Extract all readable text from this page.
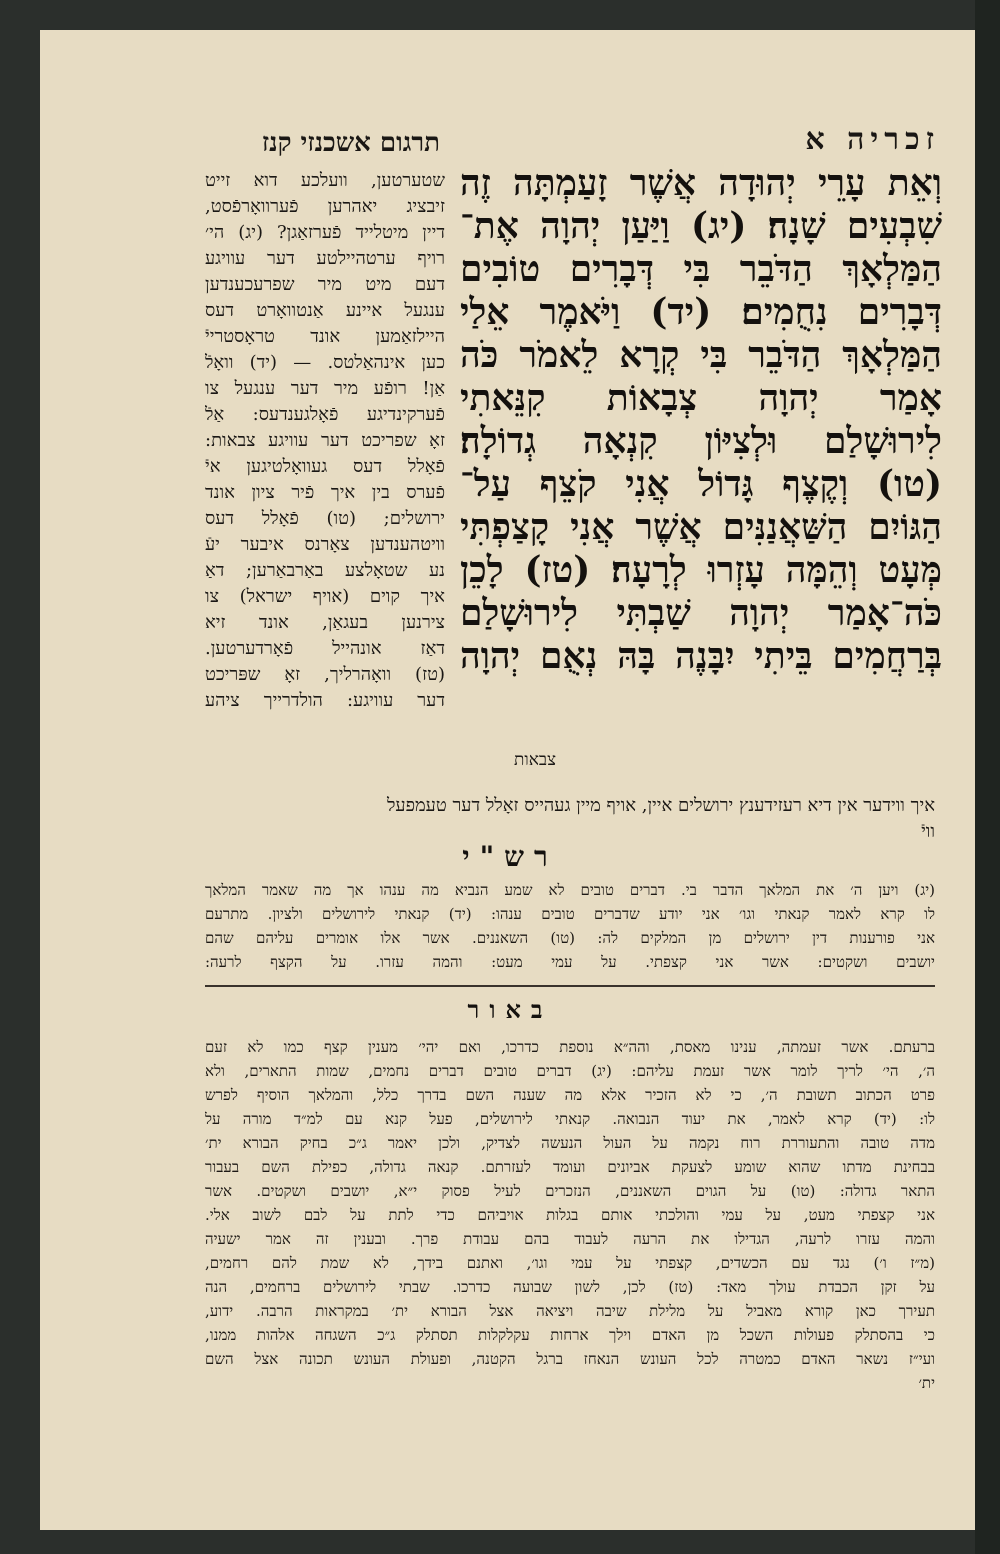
תרגום אשכנזי קנז	זכריה א
וְאֵת עָרֵי יְהוּדָה אֲשֶׁר זָעַמְתָּה זֶה
שִׁבְעִים שָׁנָה׃ (יג) וַיַּעַן יְהוָה אֶת־
הַמַּלְאָךְ הַדֹּבֵר בִּי דְּבָרִים טוֹבִים
דְּבָרִים נִחֻמִים׃ (יד) וַיֹּאמֶר אֵלַי
הַמַּלְאָךְ הַדֹּבֵר בִּי קְרָא לֵאמֹר כֹּה
אָמַר יְהוָה צְבָאוֹת קִנֵּאתִי
לִירוּשָׁלַם וּלְצִיּוֹן קִנְאָה גְדוֹלָה׃
(טו) וְקֶצֶף גָּדוֹל אֲנִי קֹצֵף עַל־
הַגּוֹיִם הַשַּׁאֲנַנִּים אֲשֶׁר אֲנִי קָצַפְתִּי
מְּעָט וְהֵמָּה עָזְרוּ לְרָעָה׃ (טז) לָכֵן
כֹּה־אָמַר יְהוָה שַׁבְתִּי לִירוּשָׁלַם
בְּרַחֲמִים בֵּיתִי יִבָּנֶה בָּהּ נְאֻם יְהוָה
צבאות
שטערטען, וועלכע דוא זייט
זיבציג יאהרען פֿערוואָרפֿסט,
דיין מיטלייד פֿערזאַגן? (יג) הי׳
רויף ערטהיילטע דער עוויגע
דעם מיט מיר שפרעכענדען
ענגעל איינע אַנטוואָרט דעס
היילזאַמען אונד טראָסטרייֿ
כען אינהאַלטס. — (יד) וואָלֿ
אַן! רופֿע מיר דער ענגעל צו
פֿערקינדיגע פֿאָלגענדעס: אַלֿ
זאָ שפריכט דער עוויגע צבאות:
פֿאָלל דעס געוואָלטיגען איֿ
פֿערס בין איך פֿיר ציון אונד
ירושלים; (טו) פֿאָלל דעס
וויטהענדען צאָרנס איבער יעֿ
נע שטאָלצע באַרבאַרען; דאַ
איך קוים (אויף ישראל) צו
צירנען בעגאַן, אונד זיא
דאַז אונהייל פֿאָרדערטען.
(טז) וואָהרליך, זאָ שפּריכט
דער עוויגע: הולדרייך ציהע
איך ווידער אין דיא רעזידענץ ירושלים איין, אויף מיין געהייס זאָלל דער טעמפעל
וויֿ
רש"י
(יג) ויען ה׳ את המלאך הדבר בי. דברים טובים לא שמע הנביא מה ענהו אך מה שאמר המלאך
לו קרא לאמר קנאתי וגו׳ אני יודע שדברים טובים ענהו: (יד) קנאתי לירושלים ולציון. מתרעם
אני פורענות דין ירושלים מן המלקים לה: (טו) השאננים. אשר אלו אומרים עליהם שהם
יושבים ושקטים: אשר אני קצפתי. על עמי מעט: והמה עזרו. על הקצף לרעה:
באור
ברעתם. אשר זעמתה, ענינו מאסת, והה״א נוספת כדרכו, ואם יהי׳ מענין קצף כמו לא זעם
ה׳, הי׳ לריך לומר אשר זעמת עליהם: (יג) דברים טובים דברים נחמים, שמות התארים, ולא
פרט הכתוב תשובת ה׳, כי לא הזכיר אלא מה שענה השם בדרך כלל, והמלאך הוסיף לפרש
לו: (יד) קרא לאמר, את יעוד הנבואה. קנאתי לירושלים, פעל קנא עם למ״ד מורה על
מדה טובה והתעוררת רוח נקמה על העול הנעשה לצדיק, ולכן יאמר ג״כ בחיק הבורא ית׳
בבחינת מדתו שהוא שומע לצעקת אביונים ועומד לעזרתם. קנאה גדולה, כפילת השם בעבור
התאר גדולה: (טו) על הגוים השאננים, הנזכרים לעיל פסוק י״א, יושבים ושקטים. אשר
אני קצפתי מעט, על עמי והולכתי אותם בגלות אויביהם כדי לתת על לבם לשוב אלי.
והמה עזרו לרעה, הגדילו את הרעה לעבוד בהם עבודת פרך. ובענין זה אמר ישעיה
(מ״ז ו׳) נגד עם הכשדים, קצפתי על עמי וגו׳, ואתנם בידך, לא שמת להם רחמים,
על זקן הכבדת עולך מאד: (טז) לכן, לשון שבועה כדרכו. שבתי לירושלים ברחמים, הנה
תעירך כאן קורא מאביל על מלילת שיבה ויציאה אצל הבורא ית׳ במקראות הרבה. ידוע,
כי בהסתלק פעולות השכל מן האדם וילך ארחות עקלקלות תסתלק ג״כ השגחה אלהות ממנו,
ועי״ז נשאר האדם כמטרה לכל העונש הנאחז ברגל הקטנה, ופעולת העונש תכונה אצל השם
ית׳
